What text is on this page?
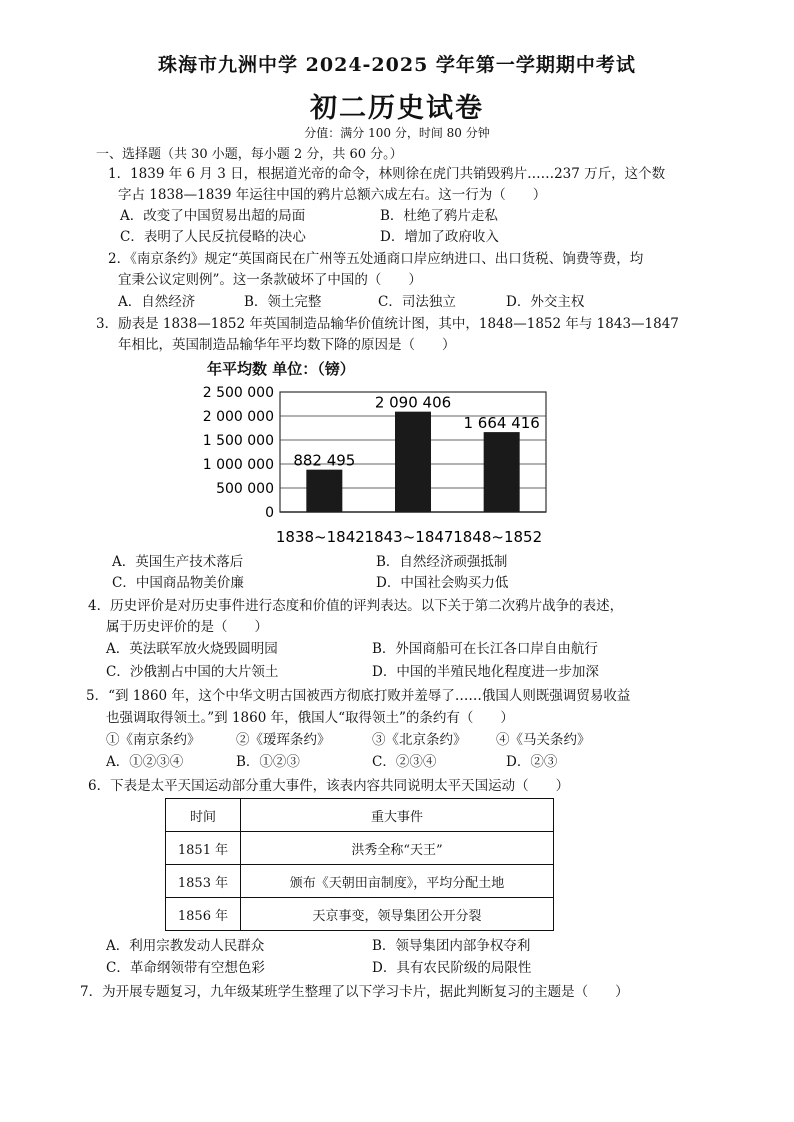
珠海市九洲中学 2024-2025 学年第一学期期中考试
初二历史试卷
分值：满分 100 分，时间 80 分钟
一、选择题（共 30 小题，每小题 2 分，共 60 分。）
1．1839 年 6 月 3 日，根据道光帝的命令，林则徐在虎门共销毁鸦片……237 万斤，这个数
字占 1838—1839 年运往中国的鸦片总额六成左右。这一行为（　　）
A．改变了中国贸易出超的局面	B．杜绝了鸦片走私
C．表明了人民反抗侵略的决心	D．增加了政府收入
2．《南京条约》规定“英国商民在广州等五处通商口岸应纳进口、出口货税、饷费等费，均
宜秉公议定则例”。这一条款破坏了中国的（　　）
A．自然经济	B．领土完整	C．司法独立	D．外交主权
3．励表是 1838—1852 年英国制造品输华价值统计图，其中，1848—1852 年与 1843—1847
年相比，英国制造品输华年平均数下降的原因是（　　）
年平均数 单位：（镑）
0
500 000
1 000 000
1 500 000
2 000 000
2 500 000
882 495
2 090 406
1 664 416
1838~1842 1843~1847 1848~1852
A．英国生产技术落后	B．自然经济顽强抵制
C．中国商品物美价廉	D．中国社会购买力低
4．历史评价是对历史事件进行态度和价值的评判表达。以下关于第二次鸦片战争的表述，
属于历史评价的是（　　）
A．英法联军放火烧毁圆明园	B．外国商船可在长江各口岸自由航行
C．沙俄割占中国的大片领土	D．中国的半殖民地化程度进一步加深
5．“到 1860 年，这个中华文明古国被西方彻底打败并羞辱了……俄国人则既强调贸易收益
也强调取得领土。”到 1860 年，俄国人“取得领土”的条约有（　　）
①《南京条约》	②《瑷珲条约》	③《北京条约》 ④《马关条约》
A．①②③④	B．①②③	C．②③④	D．②③
6．下表是太平天国运动部分重大事件，该表内容共同说明太平天国运动（　　）
时间	重大事件
1851 年	洪秀全称“天王”
1853 年	颁布《天朝田亩制度》，平均分配土地
1856 年	天京事变，领导集团公开分裂
A．利用宗教发动人民群众	B．领导集团内部争权夺利
C．革命纲领带有空想色彩	D．具有农民阶级的局限性
7．为开展专题复习，九年级某班学生整理了以下学习卡片，据此判断复习的主题是（　　）
